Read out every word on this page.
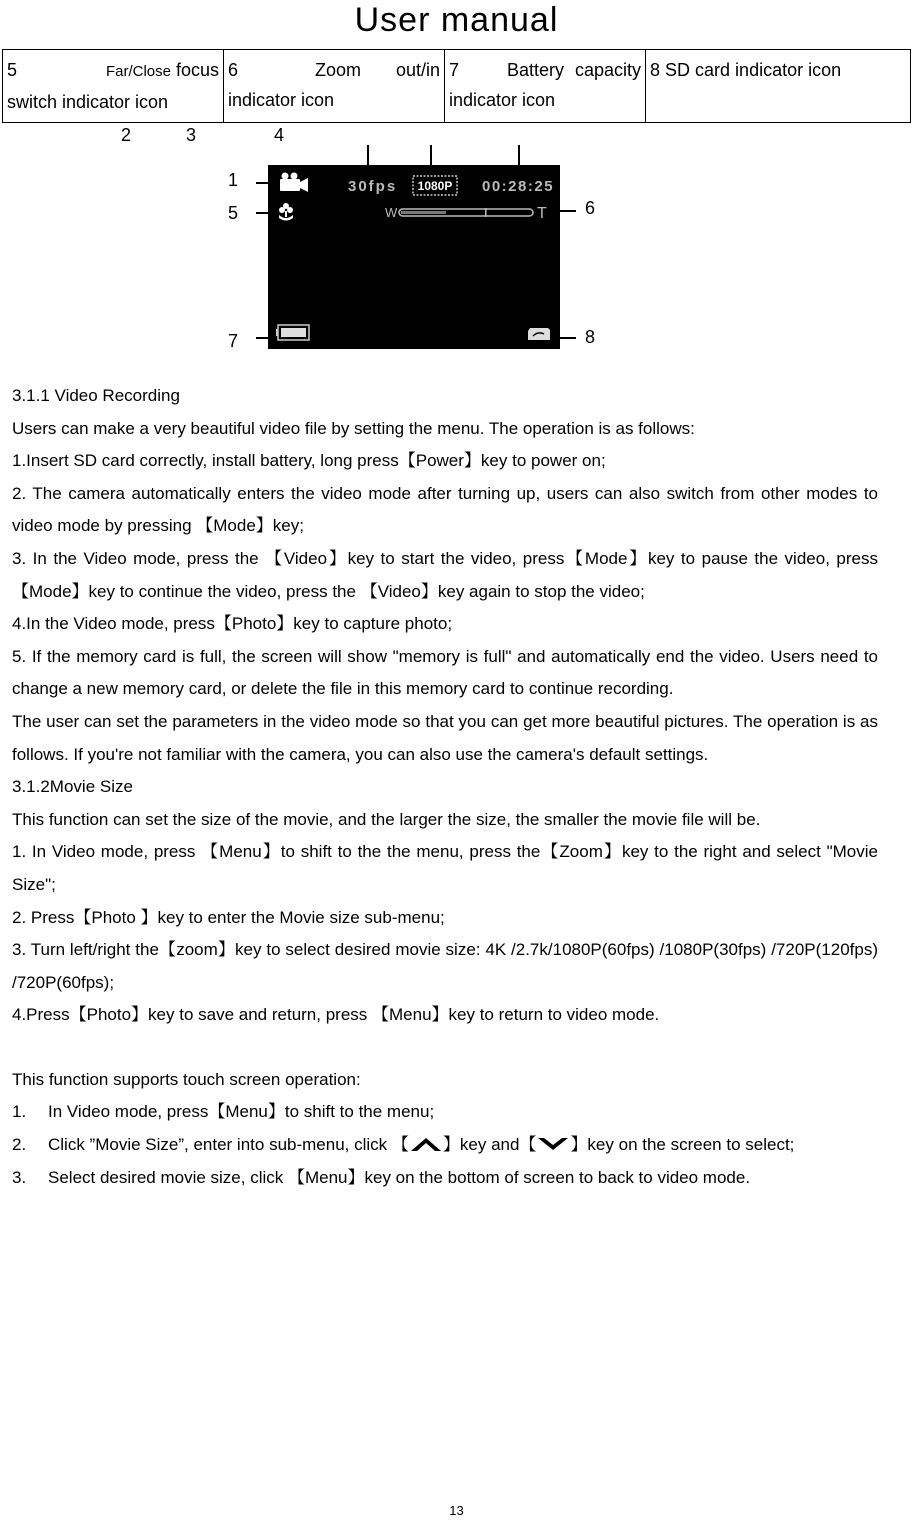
User manual
5	Far/Close focus
switch indicator icon

6	Zoom out/in
indicator icon

7	Battery capacity
indicator icon
	8 SD card indicator icon
2	3	4
1
5	6
7	8
30fps 1080P 00:28:25
W	T

3.1.1 Video Recording

Users can make a very beautiful video file by setting the menu. The operation is as follows:

1.Insert SD card correctly, install battery, long press【Power】key to power on;

2. The camera automatically enters the video mode after turning up, users can also switch from other modes to video mode by pressing 【Mode】key;

3. In the Video mode, press the 【Video】key to start the video, press【Mode】key to pause the video, press 【Mode】key to continue the video, press the 【Video】key again to stop the video;

4.In the Video mode, press【Photo】key to capture photo;

5. If the memory card is full, the screen will show "memory is full" and automatically end the video. Users need to change a new memory card, or delete the file in this memory card to continue recording.

The user can set the parameters in the video mode so that you can get more beautiful pictures. The operation is as follows. If you're not familiar with the camera, you can also use the camera's default settings.

3.1.2Movie Size

This function can set the size of the movie, and the larger the size, the smaller the movie file will be.

1. In Video mode, press 【Menu】to shift to the the menu, press the【Zoom】key to the right and select "Movie Size";

2. Press【Photo 】key to enter the Movie size sub-menu;

3. Turn left/right the【zoom】key to select desired movie size: 4K /2.7k/1080P(60fps) /1080P(30fps) /720P(120fps) /720P(60fps);

4.Press【Photo】key to save and return, press 【Menu】key to return to video mode.

This function supports touch screen operation:

1. In Video mode, press【Menu】to shift to the menu;
2. Click ”Movie Size”, enter into sub-menu, click 【 】key and【 】key on the screen to select;
3. Select desired movie size, click 【Menu】key on the bottom of screen to back to video mode.
13
